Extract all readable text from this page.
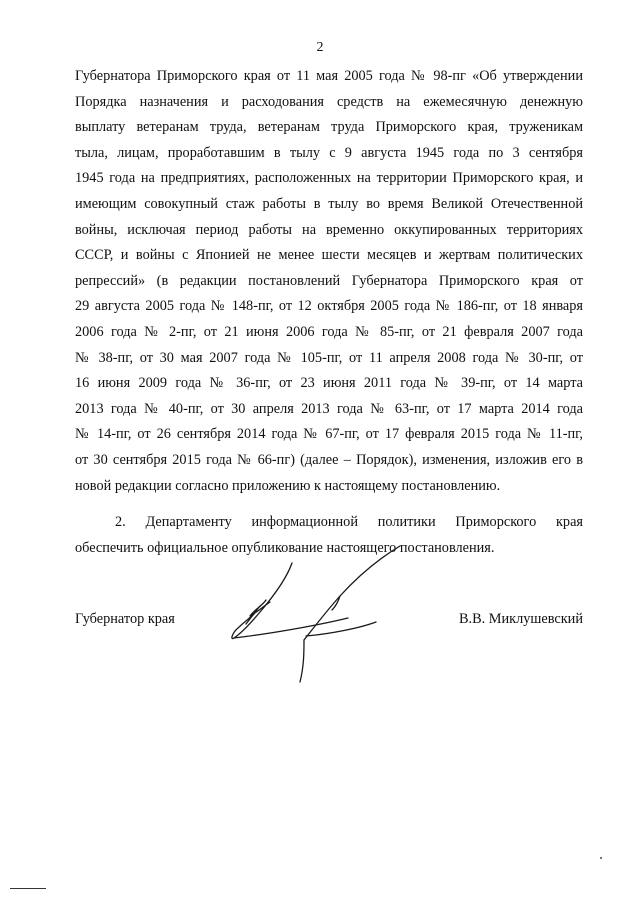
2
Губернатора Приморского края от 11 мая 2005 года № 98-пг «Об утверждении
Порядка назначения и расходования средств на ежемесячную денежную
выплату ветеранам труда, ветеранам труда Приморского края, труженикам
тыла, лицам, проработавшим в тылу с 9 августа 1945 года по 3 сентября
1945 года на предприятиях, расположенных на территории Приморского края, и
имеющим совокупный стаж работы в тылу во время Великой Отечественной
войны, исключая период работы на временно оккупированных территориях
СССР, и войны с Японией не менее шести месяцев и жертвам политических
репрессий» (в редакции постановлений Губернатора Приморского края от
29 августа 2005 года № 148-пг, от 12 октября 2005 года № 186-пг, от 18 января
2006 года № 2-пг, от 21 июня 2006 года № 85-пг, от 21 февраля 2007 года
№ 38-пг, от 30 мая 2007 года № 105-пг, от 11 апреля 2008 года № 30-пг, от
16 июня 2009 года № 36-пг, от 23 июня 2011 года № 39-пг, от 14 марта
2013 года № 40-пг, от 30 апреля 2013 года № 63-пг, от 17 марта 2014 года
№ 14-пг, от 26 сентября 2014 года № 67-пг, от 17 февраля 2015 года № 11-пг,
от 30 сентября 2015 года № 66-пг) (далее – Порядок), изменения, изложив его в
новой редакции согласно приложению к настоящему постановлению.
2. Департаменту информационной политики Приморского края
обеспечить официальное опубликование настоящего постановления.
Губернатор края	В.В. Миклушевский
